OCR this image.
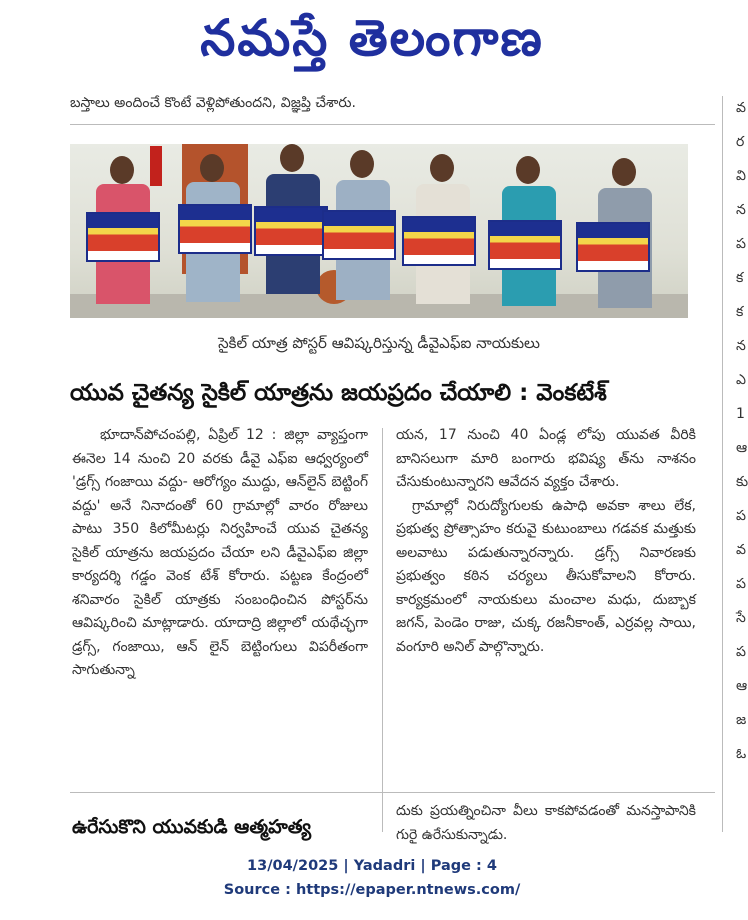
నమస్తే తెలంగాణ
బస్తాలు అందించే కొంటే వెళ్లిపోతుందని, విజ్ఞప్తి చేశారు.	వ
ర
వి
న
ప
క
క
న
ఎ
1
ఆ
కు
ప
వ
ప
సే
ప
ఆ
జ
ఓ
సైకిల్ యాత్ర పోస్టర్ ఆవిష్కరిస్తున్న డీవైఎఫ్ఐ నాయకులు
యువ చైతన్య సైకిల్ యాత్రను జయప్రదం చేయాలి : వెంకటేశ్

భూదాన్‌పోచంపల్లి, ఏప్రిల్ 12 : జిల్లా వ్యాప్తంగా ఈనెల 14 నుంచి 20 వరకు డీవై ఎఫ్ఐ ఆధ్వర్యంలో 'డ్రగ్స్ గంజాయి వద్దు- ఆరోగ్యం ముద్దు, ఆన్‌లైన్ బెట్టింగ్ వద్దు' అనే నినాదంతో 60 గ్రామాల్లో వారం రోజులు పాటు 350 కిలోమీటర్లు నిర్వహించే యువ చైతన్య సైకిల్ యాత్రను జయప్రదం చేయా లని డీవైఎఫ్ఐ జిల్లా కార్యదర్శి గడ్డం వెంక టేశ్ కోరారు. పట్టణ కేంద్రంలో శనివారం సైకిల్ యాత్రకు సంబంధించిన పోస్టర్‌ను ఆవిష్కరించి మాట్లాడారు. యాదాద్రి జిల్లాలో యథేచ్ఛగా డ్రగ్స్, గంజాయి, ఆన్ లైన్ బెట్టింగులు విపరీతంగా సాగుతున్నా

యన, 17 నుంచి 40 ఏండ్ల లోపు యువత వీరికి బానిసలుగా మారి బంగారు భవిష్య త్‌ను నాశనం చేసుకుంటున్నారని ఆవేదన వ్యక్తం చేశారు.

గ్రామాల్లో నిరుద్యోగులకు ఉపాధి అవకా శాలు లేక, ప్రభుత్వ ప్రోత్సాహం కరువై కుటుంబాలు గడవక మత్తుకు అలవాటు పడుతున్నారన్నారు. డ్రగ్స్ నివారణకు ప్రభుత్వం కఠిన చర్యలు తీసుకోవాలని కోరారు. కార్యక్రమంలో నాయకులు మంచాల మధు, దుబ్బాక జగన్, పెండెం రాజు, చుక్క రజనీకాంత్, ఎర్రవల్ల సాయి, వంగూరి అనిల్ పాల్గొన్నారు.

ఉరేసుకొని యువకుడి ఆత్మహత్య

దుకు ప్రయత్నించినా వీలు కాకపోవడంతో మనస్తాపానికి గురై ఉరేసుకున్నాడు.

13/04/2025 | Yadadri | Page : 4
Source : https://epaper.ntnews.com/
